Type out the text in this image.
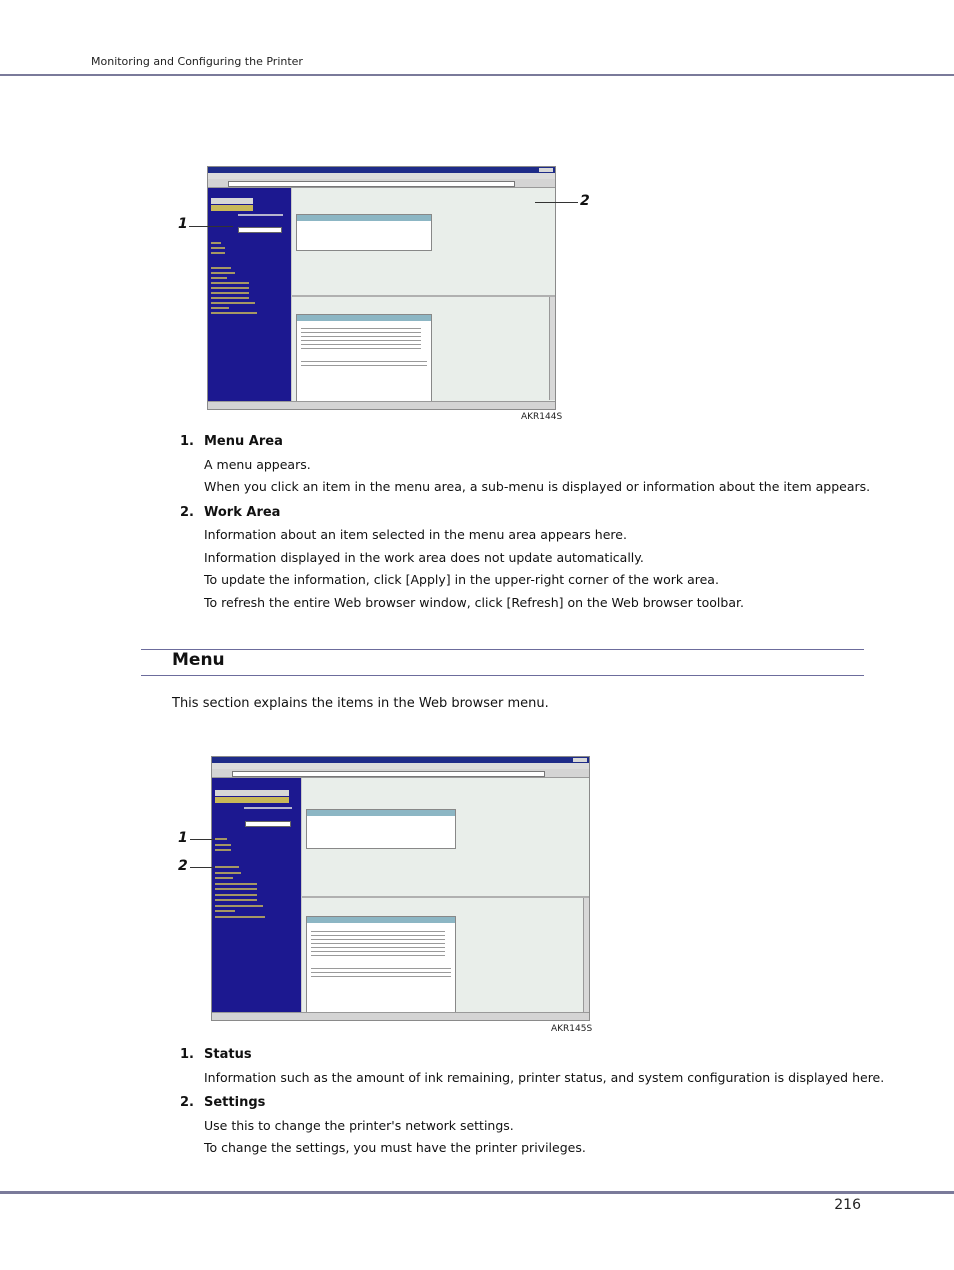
Monitoring and Configuring the Printer
1
2
AKR144S
1. Menu Area
A menu appears.
When you click an item in the menu area, a sub-menu is displayed or information about the item appears.
2. Work Area
Information about an item selected in the menu area appears here.
Information displayed in the work area does not update automatically.
To update the information, click [Apply] in the upper-right corner of the work area.
To refresh the entire Web browser window, click [Refresh] on the Web browser toolbar.
Menu
This section explains the items in the Web browser menu.
1
2
AKR145S
1. Status
Information such as the amount of ink remaining, printer status, and system configuration is displayed here.
2. Settings
Use this to change the printer's network settings.
To change the settings, you must have the printer privileges.
216
